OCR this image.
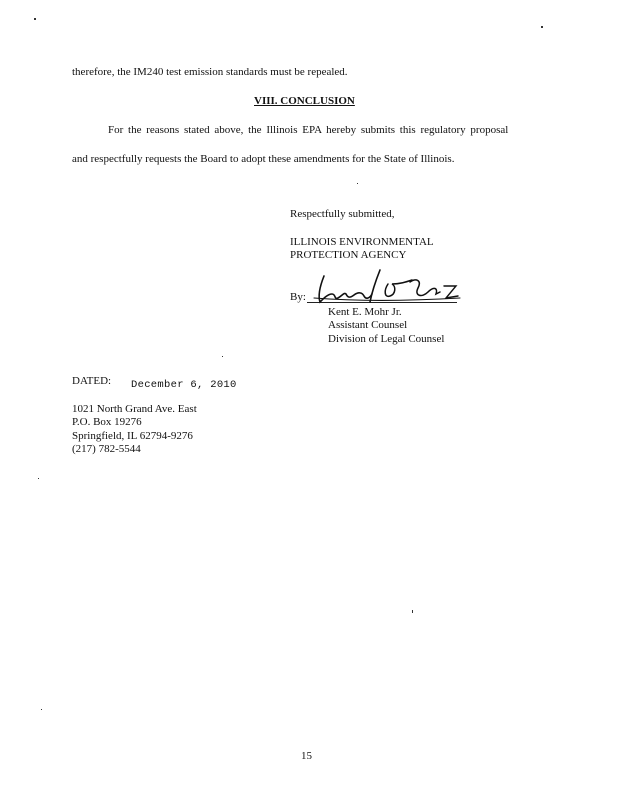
therefore, the IM240 test emission standards must be repealed.
VIII. CONCLUSION
For the reasons stated above, the Illinois EPA hereby submits this regulatory proposal
and respectfully requests the Board to adopt these amendments for the State of Illinois.
Respectfully submitted,
ILLINOIS ENVIRONMENTAL
PROTECTION AGENCY
By:
Kent E. Mohr Jr.
Assistant Counsel
Division of Legal Counsel
DATED: December 6, 2010
1021 North Grand Ave. East
P.O. Box 19276
Springfield, IL 62794-9276
(217) 782-5544
15
